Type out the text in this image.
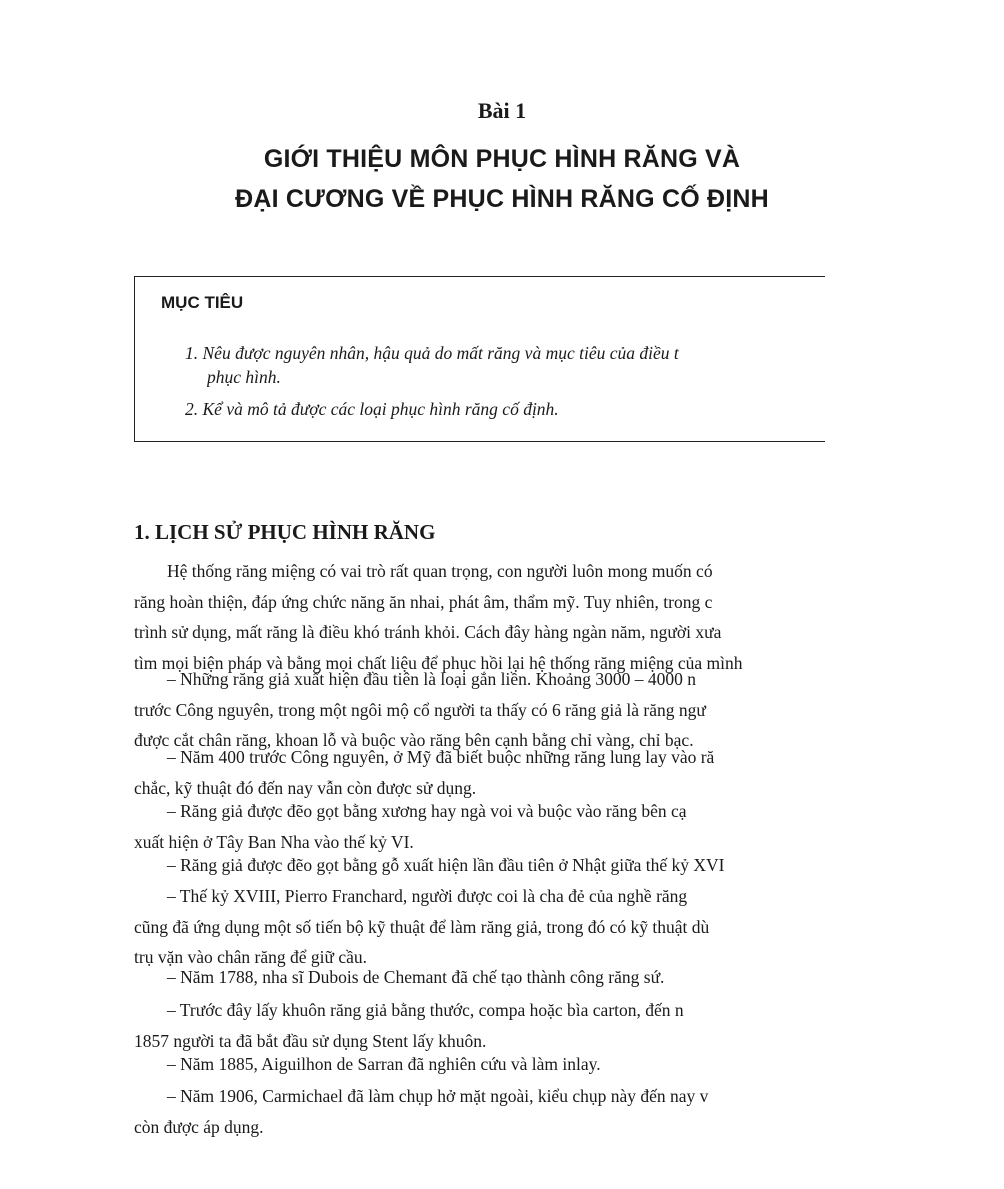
Bài 1
GIỚI THIỆU MÔN PHỤC HÌNH RĂNG VÀ
ĐẠI CƯƠNG VỀ PHỤC HÌNH RĂNG CỐ ĐỊNH
MỤC TIÊU
1. Nêu được nguyên nhân, hậu quả do mất răng và mục tiêu của điều t
phục hình.
2. Kể và mô tả được các loại phục hình răng cố định.
1. LỊCH SỬ PHỤC HÌNH RĂNG
Hệ thống răng miệng có vai trò rất quan trọng, con người luôn mong muốn có
răng hoàn thiện, đáp ứng chức năng ăn nhai, phát âm, thẩm mỹ. Tuy nhiên, trong c
trình sử dụng, mất răng là điều khó tránh khỏi. Cách đây hàng ngàn năm, người xưa
tìm mọi biện pháp và bằng mọi chất liệu để phục hồi lại hệ thống răng miệng của mình
– Những răng giả xuất hiện đầu tiên là loại gắn liền. Khoảng 3000 – 4000 n
trước Công nguyên, trong một ngôi mộ cổ người ta thấy có 6 răng giả là răng ngư
được cắt chân răng, khoan lỗ và buộc vào răng bên cạnh bằng chỉ vàng, chỉ bạc.
– Năm 400 trước Công nguyên, ở Mỹ đã biết buộc những răng lung lay vào ră
chắc, kỹ thuật đó đến nay vẫn còn được sử dụng.
– Răng giả được đẽo gọt bằng xương hay ngà voi và buộc vào răng bên cạ
xuất hiện ở Tây Ban Nha vào thế kỷ VI.
– Răng giả được đẽo gọt bằng gỗ xuất hiện lần đầu tiên ở Nhật giữa thế kỷ XVI
– Thế kỷ XVIII, Pierro Franchard, người được coi là cha đẻ của nghề răng
cũng đã ứng dụng một số tiến bộ kỹ thuật để làm răng giả, trong đó có kỹ thuật dù
trụ vặn vào chân răng để giữ cầu.
– Năm 1788, nha sĩ Dubois de Chemant đã chế tạo thành công răng sứ.
– Trước đây lấy khuôn răng giả bằng thước, compa hoặc bìa carton, đến n
1857 người ta đã bắt đầu sử dụng Stent lấy khuôn.
– Năm 1885, Aiguilhon de Sarran đã nghiên cứu và làm inlay.
– Năm 1906, Carmichael đã làm chụp hở mặt ngoài, kiểu chụp này đến nay v
còn được áp dụng.
